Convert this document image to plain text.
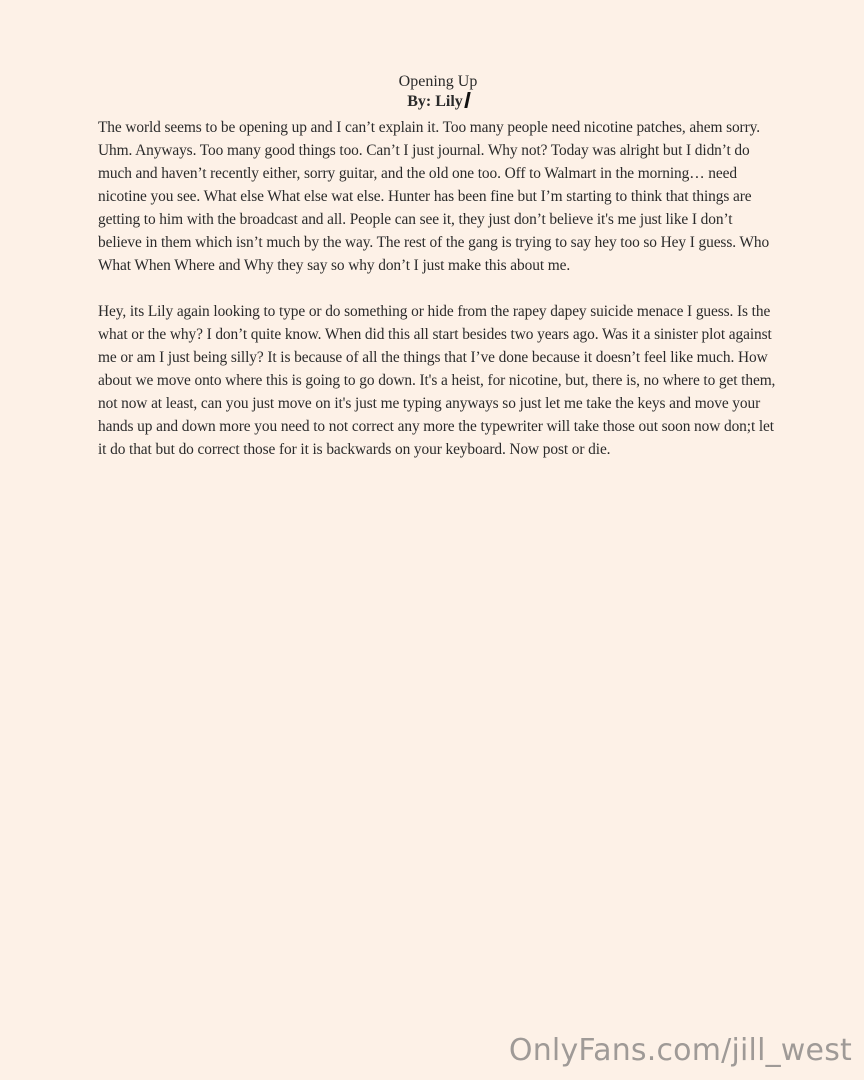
Opening Up

By: Lily

The world seems to be opening up and I can’t explain it. Too many people need nicotine patches, ahem sorry. Uhm. Anyways. Too many good things too. Can’t I just journal. Why not? Today was alright but I didn’t do much and haven’t recently either, sorry guitar, and the old one too. Off to Walmart in the morning… need nicotine you see. What else What else wat else. Hunter has been fine but I’m starting to think that things are getting to him with the broadcast and all. People can see it, they just don’t believe it's me just like I don’t believe in them which isn’t much by the way. The rest of the gang is trying to say hey too so Hey I guess. Who What When Where and Why they say so why don’t I just make this about me.

Hey, its Lily again looking to type or do something or hide from the rapey dapey suicide menace I guess. Is the what or the why? I don’t quite know. When did this all start besides two years ago. Was it a sinister plot against me or am I just being silly? It is because of all the things that I’ve done because it doesn’t feel like much. How about we move onto where this is going to go down. It's a heist, for nicotine, but, there is, no where to get them, not now at least, can you just move on it's just me typing anyways so just let me take the keys and move your hands up and down more you need to not correct any more the typewriter will take those out soon now don;t let it do that but do correct those for it is backwards on your keyboard. Now post or die.

OnlyFans.com/jill_west
